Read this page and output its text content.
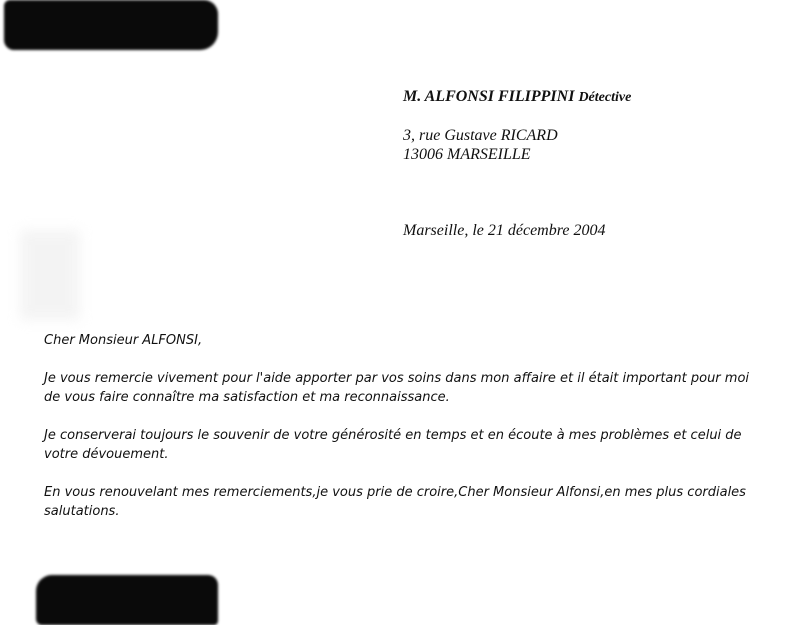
M. ALFONSI FILIPPINI Détective
3, rue Gustave RICARD
13006 MARSEILLE
Marseille, le 21 décembre 2004

Cher Monsieur ALFONSI,

Je vous remercie vivement pour l'aide apporter par vos soins dans mon affaire et il était important pour moi de vous faire connaître ma satisfaction et ma reconnaissance.

Je conserverai toujours le souvenir de votre générosité en temps et en écoute à mes problèmes et celui de votre dévouement.

En vous renouvelant mes remerciements,je vous prie de croire,Cher Monsieur Alfonsi,en mes plus cordiales salutations.
